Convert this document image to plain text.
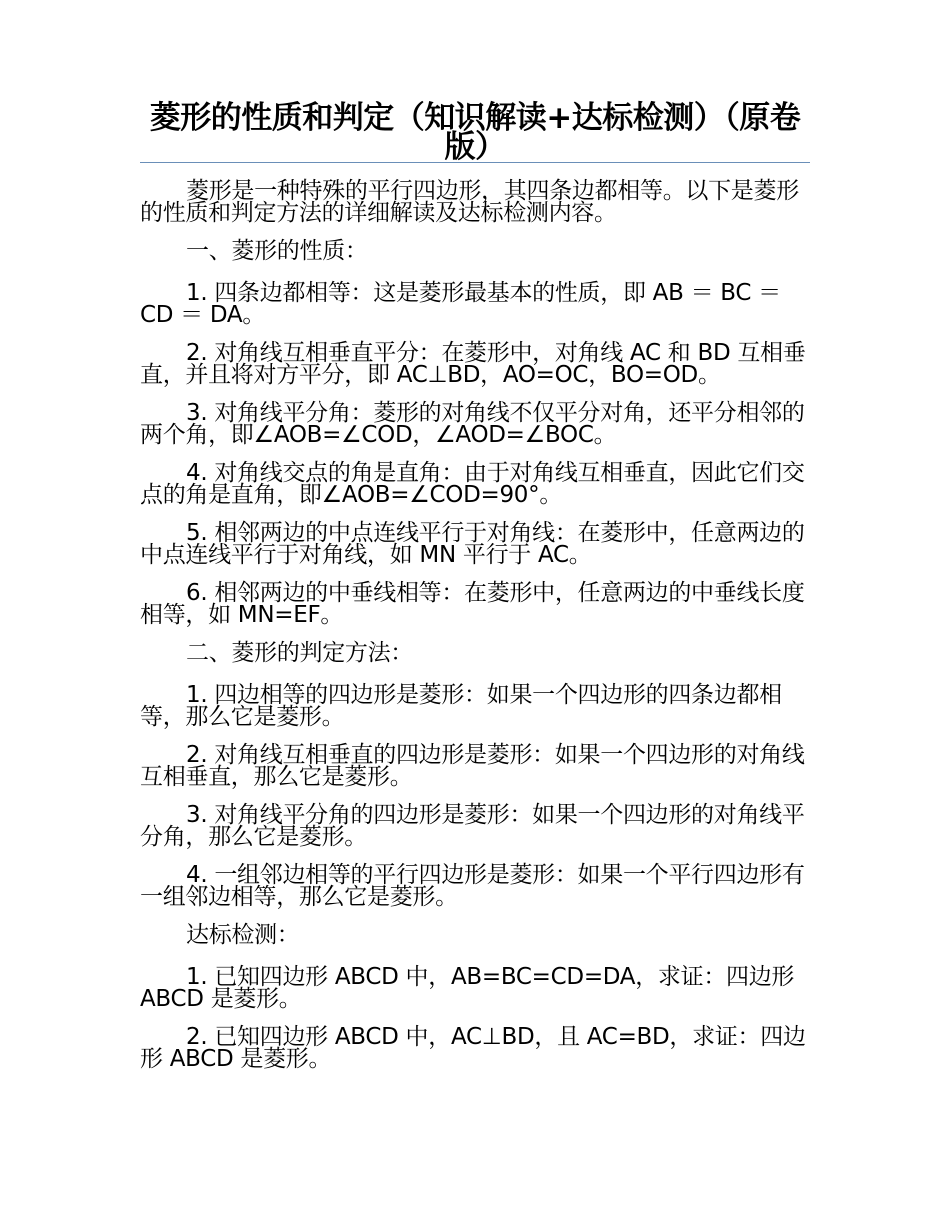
菱形的性质和判定（知识解读+达标检测）（原卷版）

菱形是一种特殊的平行四边形，其四条边都相等。以下是菱形的性质和判定方法的详细解读及达标检测内容。

一、菱形的性质：

1. 四条边都相等：这是菱形最基本的性质，即 AB ＝ BC ＝ CD ＝ DA。

2. 对角线互相垂直平分：在菱形中，对角线 AC 和 BD 互相垂直，并且将对方平分，即 AC⊥BD，AO=OC，BO=OD。

3. 对角线平分角：菱形的对角线不仅平分对角，还平分相邻的两个角，即∠AOB=∠COD，∠AOD=∠BOC。

4. 对角线交点的角是直角：由于对角线互相垂直，因此它们交点的角是直角，即∠AOB=∠COD=90°。

5. 相邻两边的中点连线平行于对角线：在菱形中，任意两边的中点连线平行于对角线，如 MN 平行于 AC。

6. 相邻两边的中垂线相等：在菱形中，任意两边的中垂线长度相等，如 MN=EF。

二、菱形的判定方法：

1. 四边相等的四边形是菱形：如果一个四边形的四条边都相等，那么它是菱形。

2. 对角线互相垂直的四边形是菱形：如果一个四边形的对角线互相垂直，那么它是菱形。

3. 对角线平分角的四边形是菱形：如果一个四边形的对角线平分角，那么它是菱形。

4. 一组邻边相等的平行四边形是菱形：如果一个平行四边形有一组邻边相等，那么它是菱形。

达标检测：

1. 已知四边形 ABCD 中，AB=BC=CD=DA，求证：四边形 ABCD 是菱形。

2. 已知四边形 ABCD 中，AC⊥BD，且 AC=BD，求证：四边形 ABCD 是菱形。
